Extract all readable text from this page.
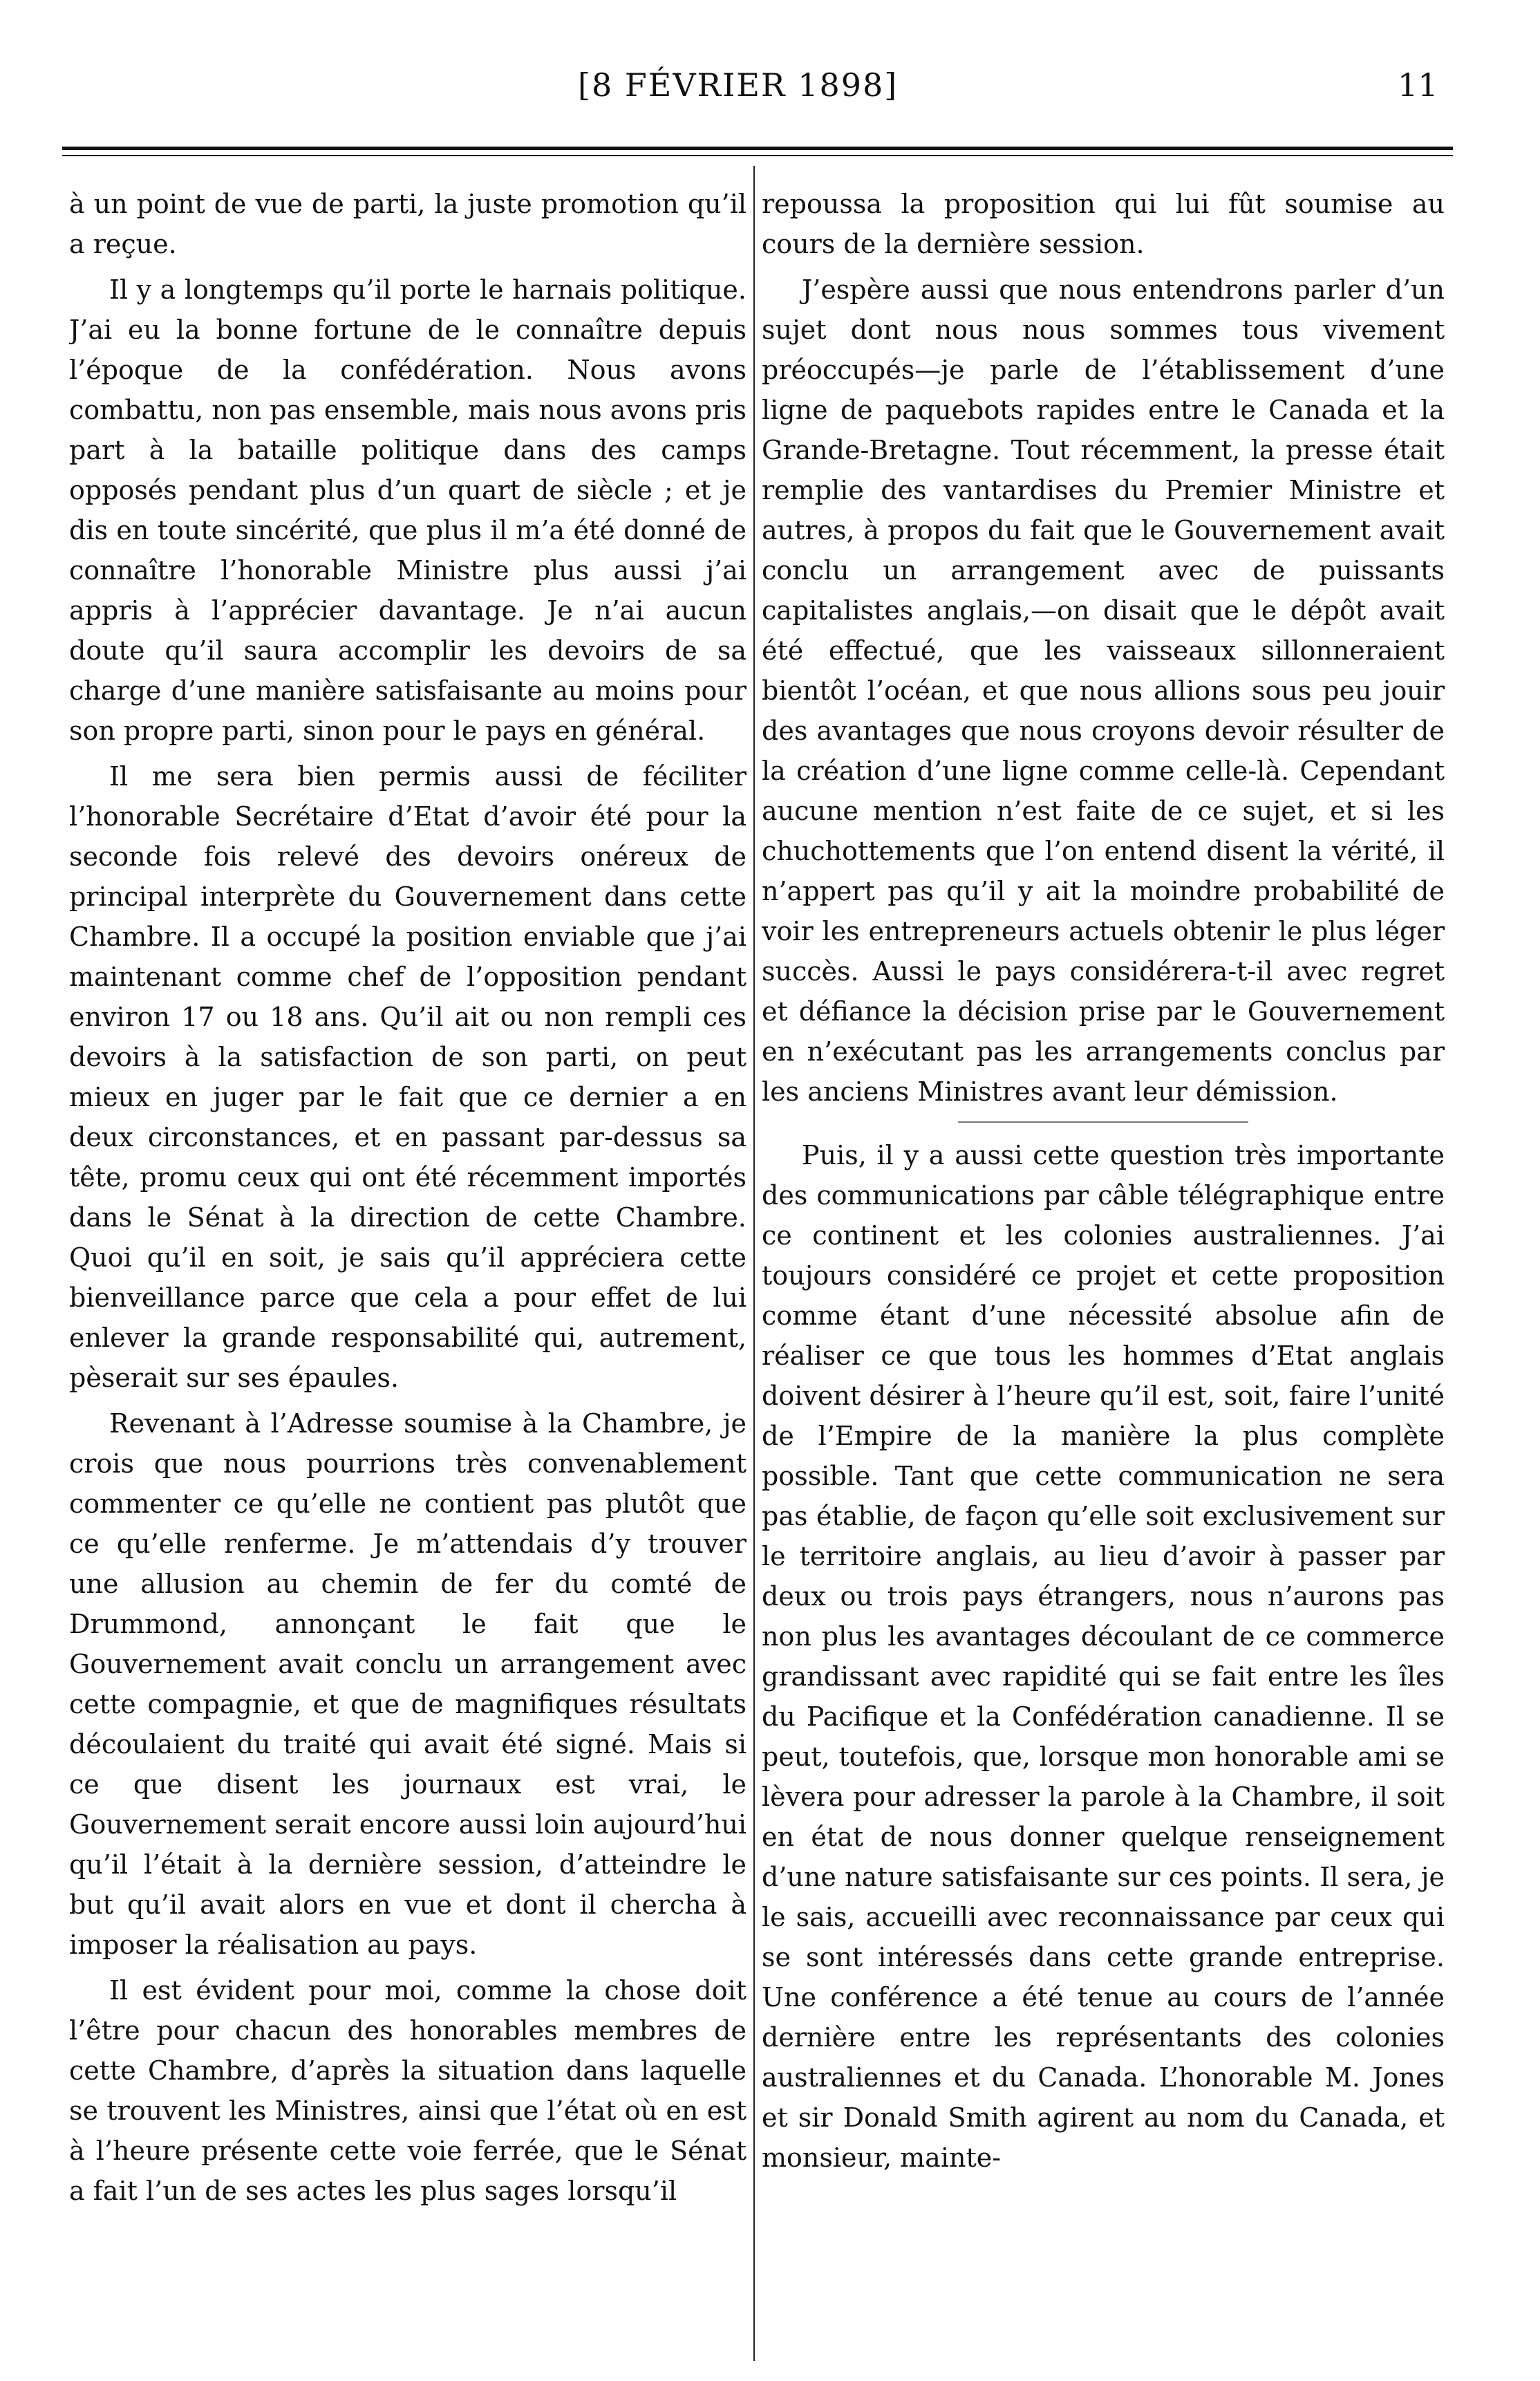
[8 FÉVRIER 1898]	11

à un point de vue de parti, la juste promotion qu’il a reçue.

Il y a longtemps qu’il porte le harnais politique. J’ai eu la bonne fortune de le connaître depuis l’époque de la confédération. Nous avons combattu, non pas ensemble, mais nous avons pris part à la bataille politique dans des camps opposés pendant plus d’un quart de siècle ; et je dis en toute sincérité, que plus il m’a été donné de connaître l’honorable Ministre plus aussi j’ai appris à l’apprécier davantage. Je n’ai aucun doute qu’il saura accomplir les devoirs de sa charge d’une manière satisfaisante au moins pour son propre parti, sinon pour le pays en général.

Il me sera bien permis aussi de féciliter l’honorable Secrétaire d’Etat d’avoir été pour la seconde fois relevé des devoirs onéreux de principal interprète du Gouvernement dans cette Chambre. Il a occupé la position enviable que j’ai maintenant comme chef de l’opposition pendant environ 17 ou 18 ans. Qu’il ait ou non rempli ces devoirs à la satisfaction de son parti, on peut mieux en juger par le fait que ce dernier a en deux circonstances, et en passant par-dessus sa tête, promu ceux qui ont été récemment importés dans le Sénat à la direction de cette Chambre. Quoi qu’il en soit, je sais qu’il appréciera cette bienveillance parce que cela a pour effet de lui enlever la grande responsabilité qui, autrement, pèserait sur ses épaules.

Revenant à l’Adresse soumise à la Chambre, je crois que nous pourrions très convenablement commenter ce qu’elle ne contient pas plutôt que ce qu’elle renferme. Je m’attendais d’y trouver une allusion au chemin de fer du comté de Drummond, annonçant le fait que le Gouvernement avait conclu un arrangement avec cette compagnie, et que de magnifiques résultats découlaient du traité qui avait été signé. Mais si ce que disent les journaux est vrai, le Gouvernement serait encore aussi loin aujourd’hui qu’il l’était à la dernière session, d’atteindre le but qu’il avait alors en vue et dont il chercha à imposer la réalisation au pays.

Il est évident pour moi, comme la chose doit l’être pour chacun des honorables membres de cette Chambre, d’après la situation dans laquelle se trouvent les Ministres, ainsi que l’état où en est à l’heure présente cette voie ferrée, que le Sénat a fait l’un de ses actes les plus sages lorsqu’il

repoussa la proposition qui lui fût soumise au cours de la dernière session.

J’espère aussi que nous entendrons parler d’un sujet dont nous nous sommes tous vivement préoccupés—je parle de l’établissement d’une ligne de paquebots rapides entre le Canada et la Grande-Bretagne. Tout récemment, la presse était remplie des vantardises du Premier Ministre et autres, à propos du fait que le Gouvernement avait conclu un arrangement avec de puissants capitalistes anglais,—on disait que le dépôt avait été effectué, que les vaisseaux sillonneraient bientôt l’océan, et que nous allions sous peu jouir des avantages que nous croyons devoir résulter de la création d’une ligne comme celle-là. Cependant aucune mention n’est faite de ce sujet, et si les chuchottements que l’on entend disent la vérité, il n’appert pas qu’il y ait la moindre probabilité de voir les entrepreneurs actuels obtenir le plus léger succès. Aussi le pays considérera-t-il avec regret et défiance la décision prise par le Gouvernement en n’exécutant pas les arrangements conclus par les anciens Ministres avant leur démission.

Puis, il y a aussi cette question très importante des communications par câble télégraphique entre ce continent et les colonies australiennes. J’ai toujours considéré ce projet et cette proposition comme étant d’une nécessité absolue afin de réaliser ce que tous les hommes d’Etat anglais doivent désirer à l’heure qu’il est, soit, faire l’unité de l’Empire de la manière la plus complète possible. Tant que cette communication ne sera pas établie, de façon qu’elle soit exclusivement sur le territoire anglais, au lieu d’avoir à passer par deux ou trois pays étrangers, nous n’aurons pas non plus les avantages découlant de ce commerce grandissant avec rapidité qui se fait entre les îles du Pacifique et la Confédération canadienne. Il se peut, toutefois, que, lorsque mon honorable ami se lèvera pour adresser la parole à la Chambre, il soit en état de nous donner quelque renseignement d’une nature satisfaisante sur ces points. Il sera, je le sais, accueilli avec reconnaissance par ceux qui se sont intéressés dans cette grande entreprise. Une conférence a été tenue au cours de l’année dernière entre les représentants des colonies australiennes et du Canada. L’honorable M. Jones et sir Donald Smith agirent au nom du Canada, et monsieur, mainte-
